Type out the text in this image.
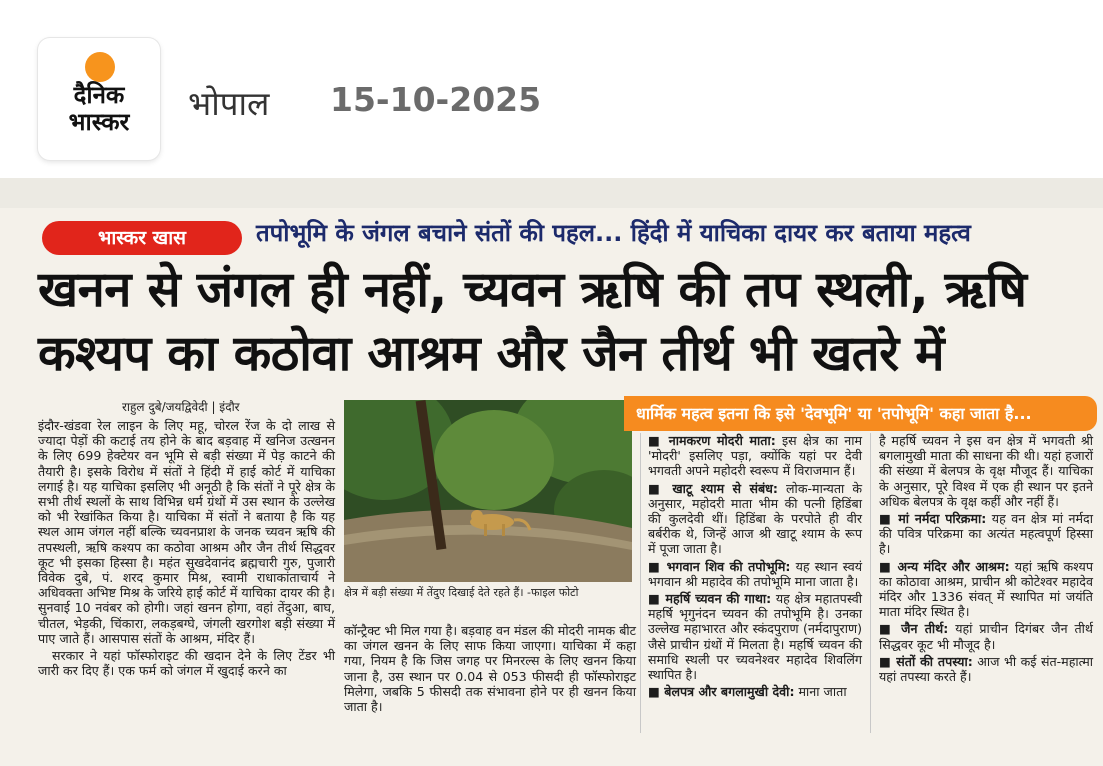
दैनिक
भास्कर	भोपाल 15-10-2025
भास्कर खास	तपोभूमि के जंगल बचाने संतों की पहल... हिंदी में याचिका दायर कर बताया महत्व
खनन से जंगल ही नहीं, च्यवन ऋषि की तप स्थली, ऋषि
कश्यप का कठोवा आश्रम और जैन तीर्थ भी खतरे में
राहुल दुबे/जयद्विवेदी | इंदौर

इंदौर-खंडवा रेल लाइन के लिए महू, चोरल रेंज के दो लाख से ज्यादा पेड़ों की कटाई तय होने के बाद बड़वाह में खनिज उत्खनन के लिए 699 हेक्टेयर वन भूमि से बड़ी संख्या में पेड़ काटने की तैयारी है। इसके विरोध में संतों ने हिंदी में हाई कोर्ट में याचिका लगाई है। यह याचिका इसलिए भी अनूठी है कि संतों ने पूरे क्षेत्र के सभी तीर्थ स्थलों के साथ विभिन्न धर्म ग्रंथों में उस स्थान के उल्लेख को भी रेखांकित किया है। याचिका में संतों ने बताया है कि यह स्थल आम जंगल नहीं बल्कि च्यवनप्राश के जनक च्यवन ऋषि की तपस्थली, ऋषि कश्यप का कठोवा आश्रम और जैन तीर्थ सिद्धवर कूट भी इसका हिस्सा है। महंत सुखदेवानंद ब्रह्मचारी गुरु, पुजारी विवेक दुबे, पं. शरद कुमार मिश्र, स्वामी राधाकांताचार्य ने अधिवक्ता अभिष्ट मिश्र के जरिये हाई कोर्ट में याचिका दायर की है। सुनवाई 10 नवंबर को होगी। जहां खनन होगा, वहां तेंदुआ, बाघ, चीतल, भेड़की, चिंकारा, लकड़बग्घे, जंगली खरगोश बड़ी संख्या में पाए जाते हैं। आसपास संतों के आश्रम, मंदिर हैं।

सरकार ने यहां फॉस्फोराइट की खदान देने के लिए टेंडर भी जारी कर दिए हैं। एक फर्म को जंगल में खुदाई करने का

क्षेत्र में बड़ी संख्या में तेंदुए दिखाई देते रहते हैं। -फाइल फोटो
कॉन्ट्रैक्ट भी मिल गया है। बड़वाह वन मंडल की मोदरी नामक बीट का जंगल खनन के लिए साफ किया जाएगा। याचिका में कहा गया, नियम है कि जिस जगह पर मिनरल्स के लिए खनन किया जाना है, उस स्थान पर 0.04 से 053 फीसदी ही फॉस्फोराइट मिलेगा, जबकि 5 फीसदी तक संभावना होने पर ही खनन किया जाता है।
धार्मिक महत्व इतना कि इसे 'देवभूमि' या 'तपोभूमि' कहा जाता है...

■ नामकरण मोदरी माता: इस क्षेत्र का नाम 'मोदरी' इसलिए पड़ा, क्योंकि यहां पर देवी भगवती अपने महोदरी स्वरूप में विराजमान हैं।

■ खाटू श्याम से संबंध: लोक-मान्यता के अनुसार, महोदरी माता भीम की पत्नी हिडिंबा की कुलदेवी थीं। हिडिंबा के परपोते ही वीर बर्बरीक थे, जिन्हें आज श्री खाटू श्याम के रूप में पूजा जाता है।

■ भगवान शिव की तपोभूमि: यह स्थान स्वयं भगवान श्री महादेव की तपोभूमि माना जाता है।

■ महर्षि च्यवन की गाथा: यह क्षेत्र महातपस्वी महर्षि भृगुनंदन च्यवन की तपोभूमि है। उनका उल्लेख महाभारत और स्कंदपुराण (नर्मदापुराण) जैसे प्राचीन ग्रंथों में मिलता है। महर्षि च्यवन की समाधि स्थली पर च्यवनेश्वर महादेव शिवलिंग स्थापित है।

■ बेलपत्र और बगलामुखी देवी: माना जाता

है महर्षि च्यवन ने इस वन क्षेत्र में भगवती श्री बगलामुखी माता की साधना की थी। यहां हजारों की संख्या में बेलपत्र के वृक्ष मौजूद हैं। याचिका के अनुसार, पूरे विश्व में एक ही स्थान पर इतने अधिक बेलपत्र के वृक्ष कहीं और नहीं हैं।

■ मां नर्मदा परिक्रमा: यह वन क्षेत्र मां नर्मदा की पवित्र परिक्रमा का अत्यंत महत्वपूर्ण हिस्सा है।

■ अन्य मंदिर और आश्रम: यहां ऋषि कश्यप का कोठावा आश्रम, प्राचीन श्री कोटेश्वर महादेव मंदिर और 1336 संवत् में स्थापित मां जयंति माता मंदिर स्थित है।

■ जैन तीर्थ: यहां प्राचीन दिगंबर जैन तीर्थ सिद्धवर कूट भी मौजूद है।

■ संतों की तपस्या: आज भी कई संत-महात्मा यहां तपस्या करते हैं।
